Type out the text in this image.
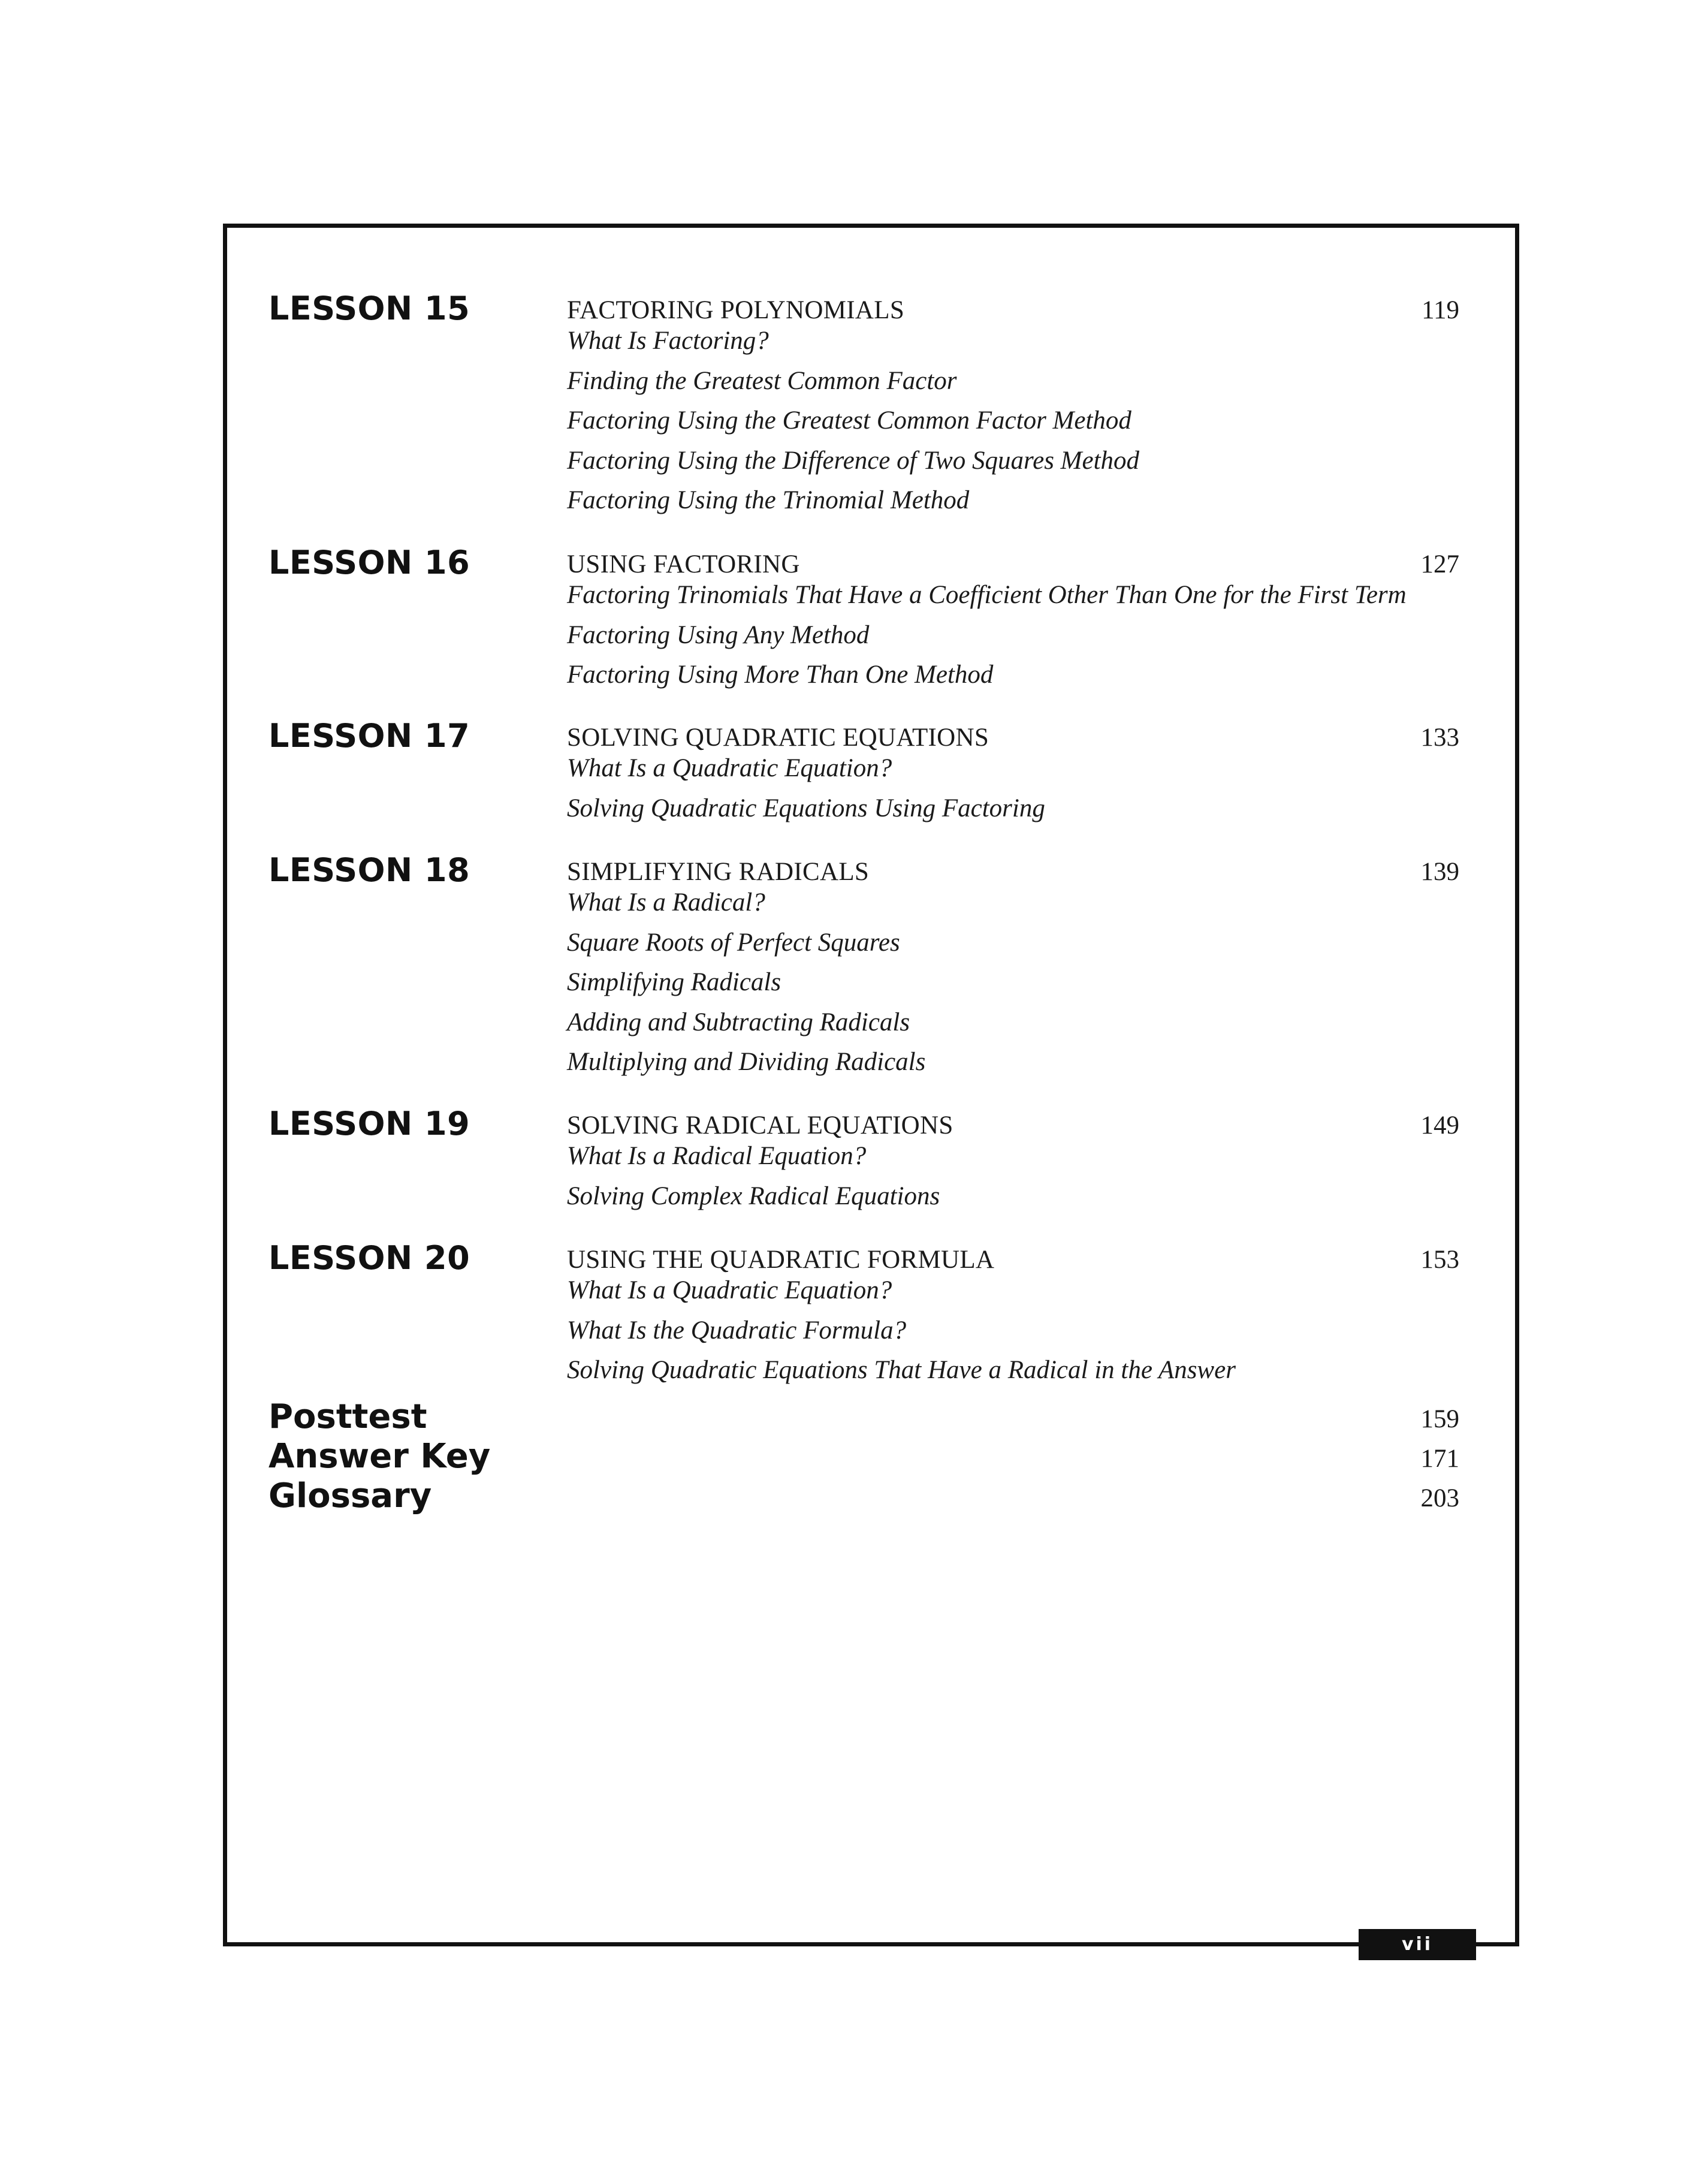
LESSON 15	FACTORING POLYNOMIALS	119
What Is Factoring?
Finding the Greatest Common Factor
Factoring Using the Greatest Common Factor Method
Factoring Using the Difference of Two Squares Method
Factoring Using the Trinomial Method
LESSON 16	USING FACTORING	127
Factoring Trinomials That Have a Coefficient Other Than One for the First Term
Factoring Using Any Method
Factoring Using More Than One Method
LESSON 17	SOLVING QUADRATIC EQUATIONS	133
What Is a Quadratic Equation?
Solving Quadratic Equations Using Factoring
LESSON 18	SIMPLIFYING RADICALS	139
What Is a Radical?
Square Roots of Perfect Squares
Simplifying Radicals
Adding and Subtracting Radicals
Multiplying and Dividing Radicals
LESSON 19	SOLVING RADICAL EQUATIONS	149
What Is a Radical Equation?
Solving Complex Radical Equations
LESSON 20	USING THE QUADRATIC FORMULA	153
What Is a Quadratic Equation?
What Is the Quadratic Formula?
Solving Quadratic Equations That Have a Radical in the Answer
Posttest	159
Answer Key	171
Glossary	203
vii
